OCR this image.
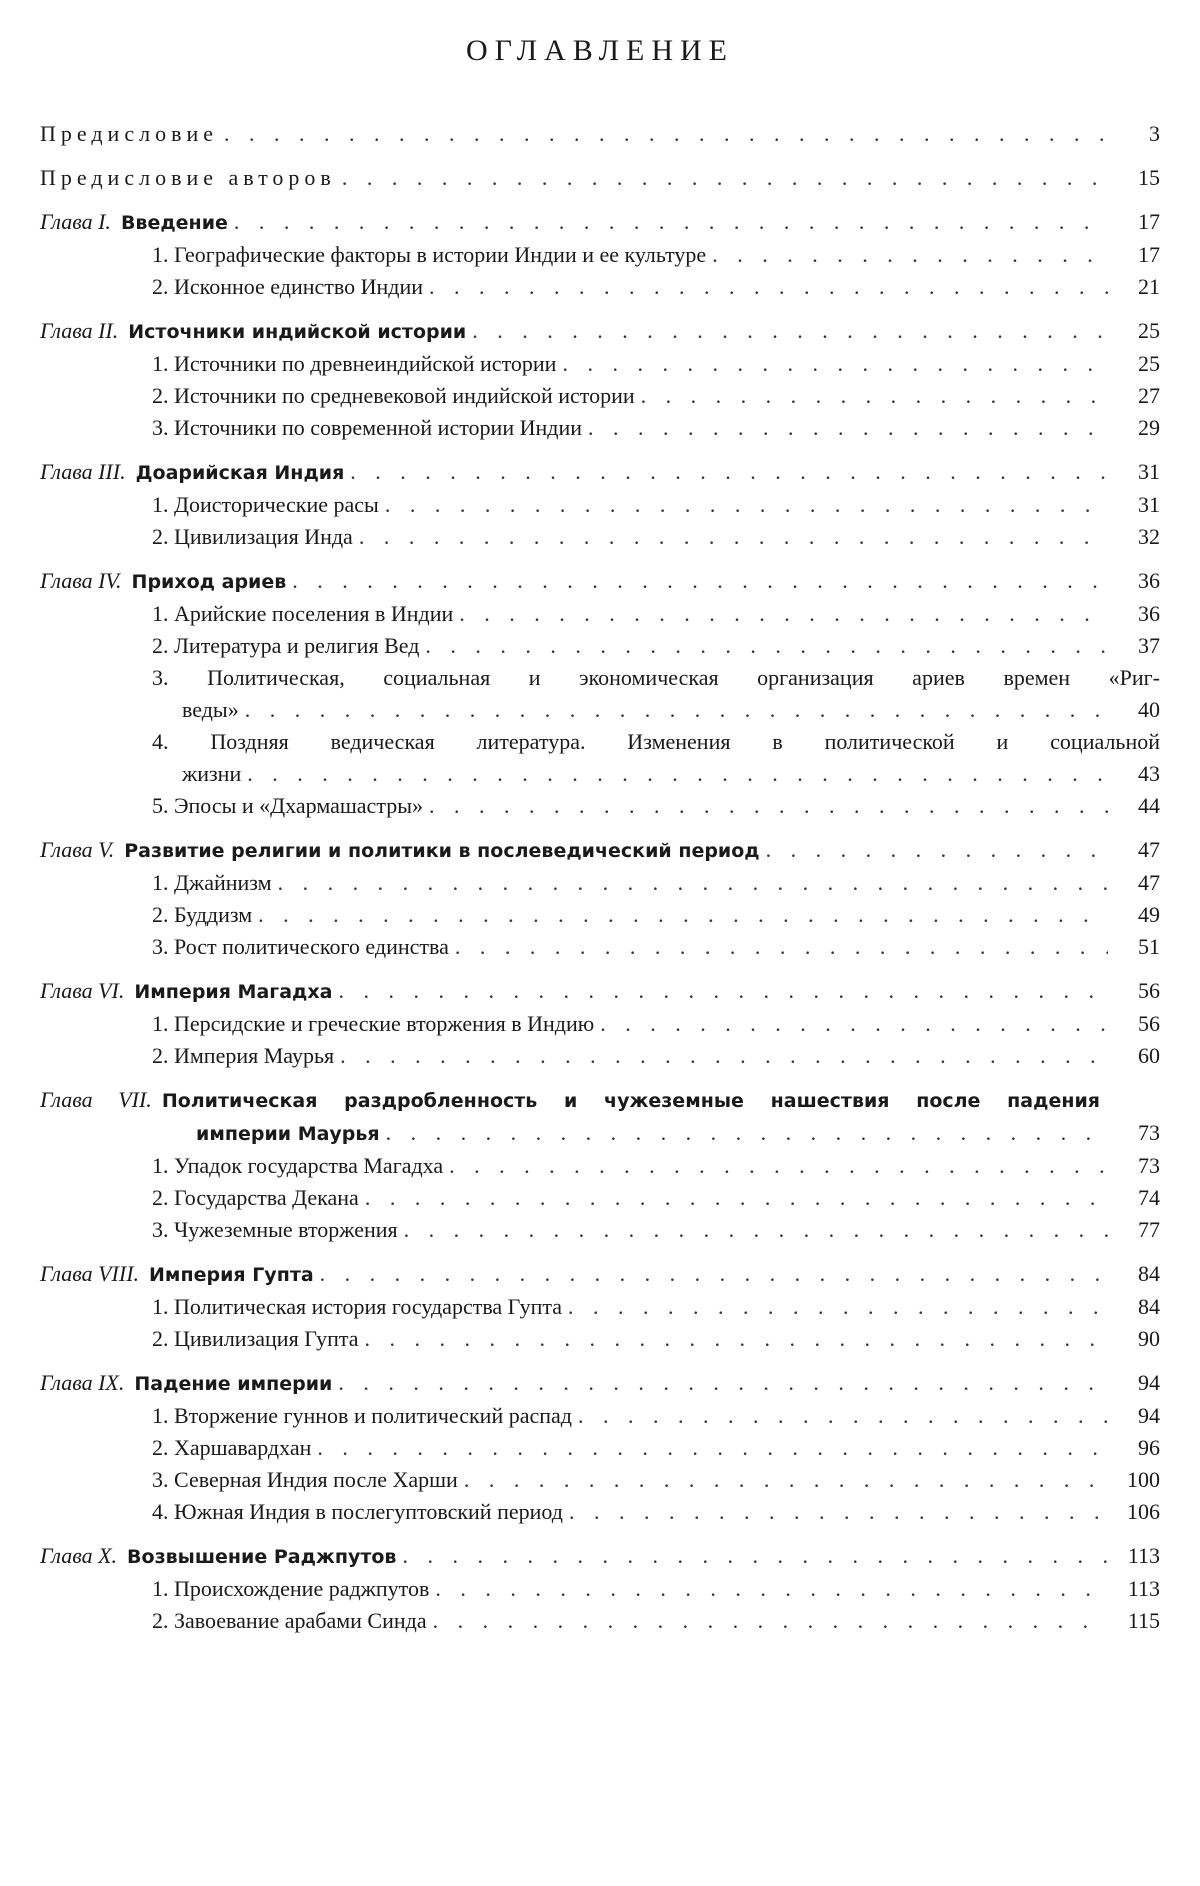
ОГЛАВЛЕНИЕ
Предисловие . . .	3
Предисловие авторов . . .	15
Глава I. Введение . . .	17
1. Географические факторы в истории Индии и ее культуре . . .	17
2. Исконное единство Индии . . .	21
Глава II. Источники индийской истории . . .	25
1. Источники по древнеиндийской истории . . .	25
2. Источники по средневековой индийской истории . . .	27
3. Источники по современной истории Индии . . .	29
Глава III. Доарийская Индия . . .	31
1. Доисторические расы . . .	31
2. Цивилизация Инда . . .	32
Глава IV. Приход ариев . . .	36
1. Арийские поселения в Индии . . .	36
2. Литература и религия Вед . . .	37
3. Политическая, социальная и экономическая организация ариев времен «Риг-
веды» . . .	40
4. Поздняя ведическая литература. Изменения в политической и социальной
жизни . . .	43
5. Эпосы и «Дхармашастры» . . .	44
Глава V. Развитие религии и политики в послеведический период . . .	47
1. Джайнизм . . .	47
2. Буддизм . . .	49
3. Рост политического единства . . .	51
Глава VI. Империя Магадха . . .	56
1. Персидские и греческие вторжения в Индию . . .	56
2. Империя Маурья . . .	60
Глава VII. Политическая раздробленность и чужеземные нашествия после падения
империи Маурья . . .	73
1. Упадок государства Магадха . . .	73
2. Государства Декана . . .	74
3. Чужеземные вторжения . . .	77
Глава VIII. Империя Гупта . . .	84
1. Политическая история государства Гупта . . .	84
2. Цивилизация Гупта . . .	90
Глава IX. Падение империи . . .	94
1. Вторжение гуннов и политический распад . . .	94
2. Харшавардхан . . .	96
3. Северная Индия после Харши . . .	100
4. Южная Индия в послегуптовский период . . .	106
Глава X. Возвышение Раджпутов . . .	113
1. Происхождение раджпутов . . .	113
2. Завоевание арабами Синда . . .	115
